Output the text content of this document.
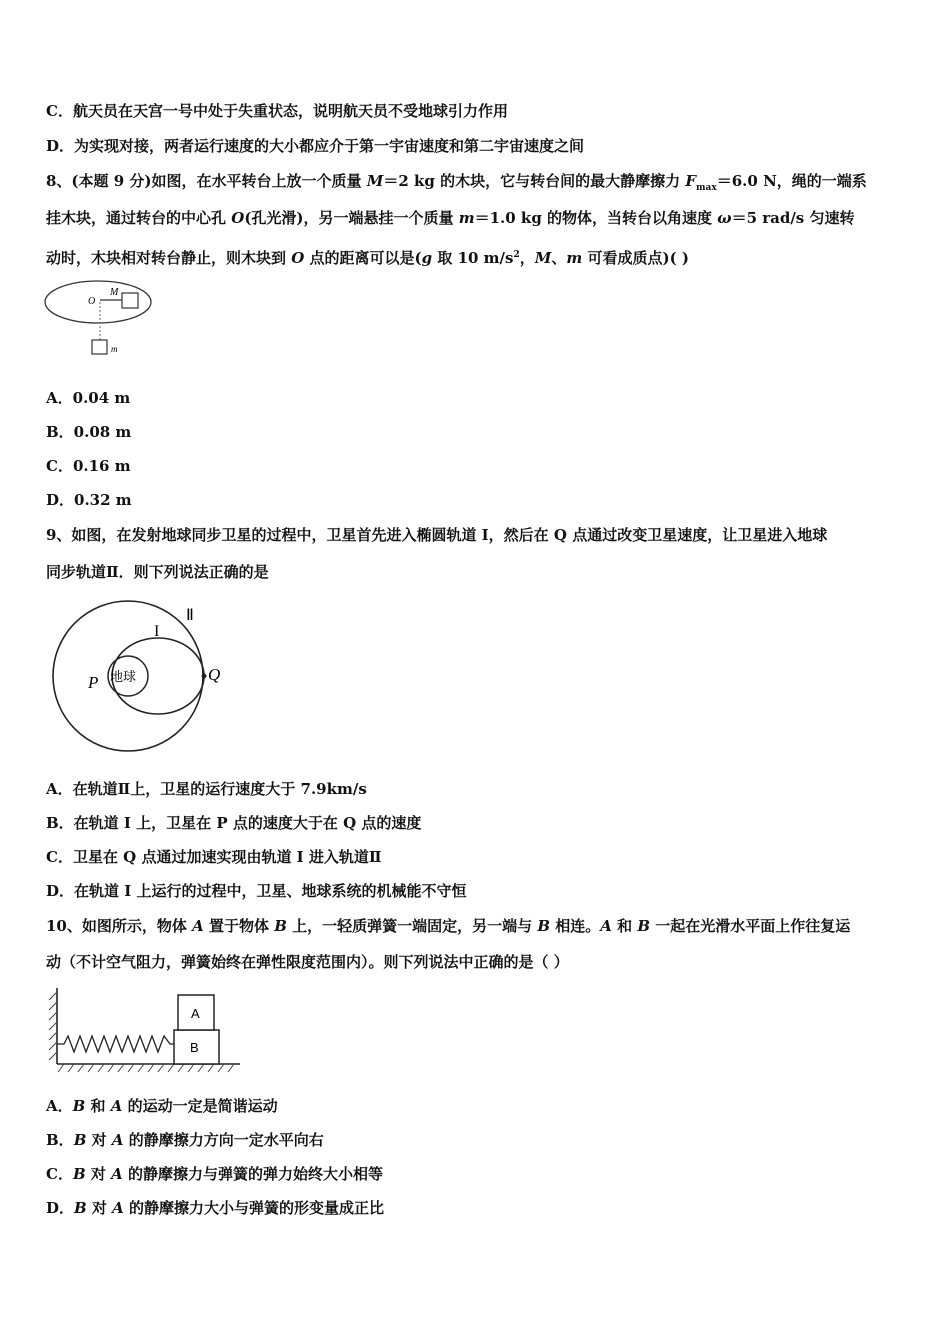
C．航天员在天宫一号中处于失重状态，说明航天员不受地球引力作用
D．为实现对接，两者运行速度的大小都应介于第一宇宙速度和第二宇宙速度之间
8、(本题 9 分)如图，在水平转台上放一个质量 M＝2 kg 的木块，它与转台间的最大静摩擦力 $F_{max}=6.0$ N，绳的一端系
挂木块，通过转台的中心孔 O(孔光滑)，另一端悬挂一个质量 m＝1.0 kg 的物体，当转台以角速度 ω＝5 rad/s 匀速转
动时，木块相对转台静止，则木块到 O 点的距离可以是(g 取 10 $m/s^2$，M、m 可看成质点)( )
O
M
m
A．0.04 m
B．0.08 m
C．0.16 m
D．0.32 m
9、如图，在发射地球同步卫星的过程中，卫星首先进入椭圆轨道 I，然后在 Q 点通过改变卫星速度，让卫星进入地球
同步轨道Ⅱ．则下列说法正确的是
地球
P	Q
I
Ⅱ
A．在轨道Ⅱ上，卫星的运行速度大于 7.9km/s
B．在轨道 I 上，卫星在 P 点的速度大于在 Q 点的速度
C．卫星在 Q 点通过加速实现由轨道 I 进入轨道Ⅱ
D．在轨道 I 上运行的过程中，卫星、地球系统的机械能不守恒
10、如图所示，物体 A 置于物体 B 上，一轻质弹簧一端固定，另一端与 B 相连。A 和 B 一起在光滑水平面上作往复运
动（不计空气阻力，弹簧始终在弹性限度范围内）。则下列说法中正确的是（ ）
A
B
A．B 和 A 的运动一定是简谐运动
B．B 对 A 的静摩擦力方向一定水平向右
C．B 对 A 的静摩擦力与弹簧的弹力始终大小相等
D．B 对 A 的静摩擦力大小与弹簧的形变量成正比
